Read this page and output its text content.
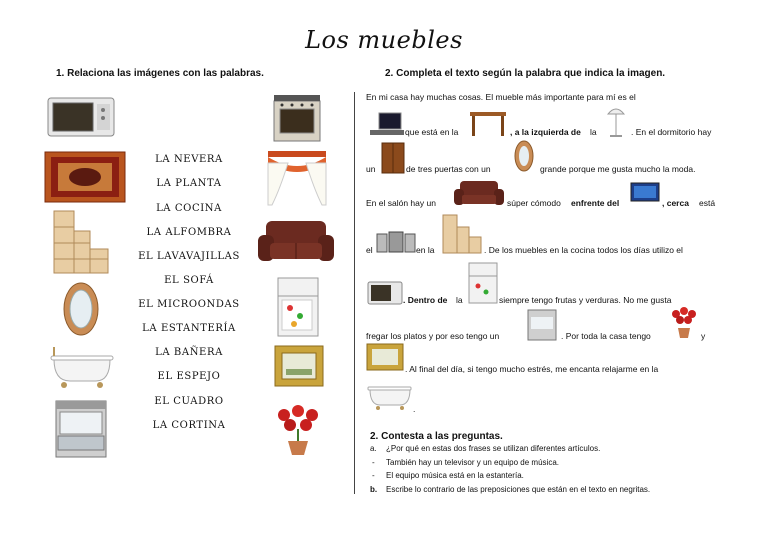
Los muebles
1. Relaciona las imágenes con las palabras.
LA NEVERA
LA PLANTA
LA COCINA
LA ALFOMBRA
EL LAVAVAJILLAS
EL SOFÁ
EL MICROONDAS
LA ESTANTERÍA
LA BAÑERA
EL ESPEJO
EL CUADRO
LA CORTINA
2. Completa el texto según la palabra que indica la imagen.
En mi casa hay muchas cosas. El mueble más importante para mí es el
que está en la	, a la izquierda de la	. En el dormitorio hay
un	de tres puertas con un	grande porque me gusta mucho la moda.
En el salón hay un	súper cómodo enfrente del	, cerca está
el	en la	. De los muebles en la cocina todos los días utilizo el
. Dentro de la	siempre tengo frutas y verduras. No me gusta
fregar los platos y por eso tengo un	. Por toda la casa tengo	y
. Al final del día, si tengo mucho estrés, me encanta relajarme en la
.
2. Contesta a las preguntas.
a. ¿Por qué en estas dos frases se utilizan diferentes artículos.
- También hay un televisor y un equipo de música.
- El equipo música está en la estantería.
b. Escribe lo contrario de las preposiciones que están en el texto en negritas.
